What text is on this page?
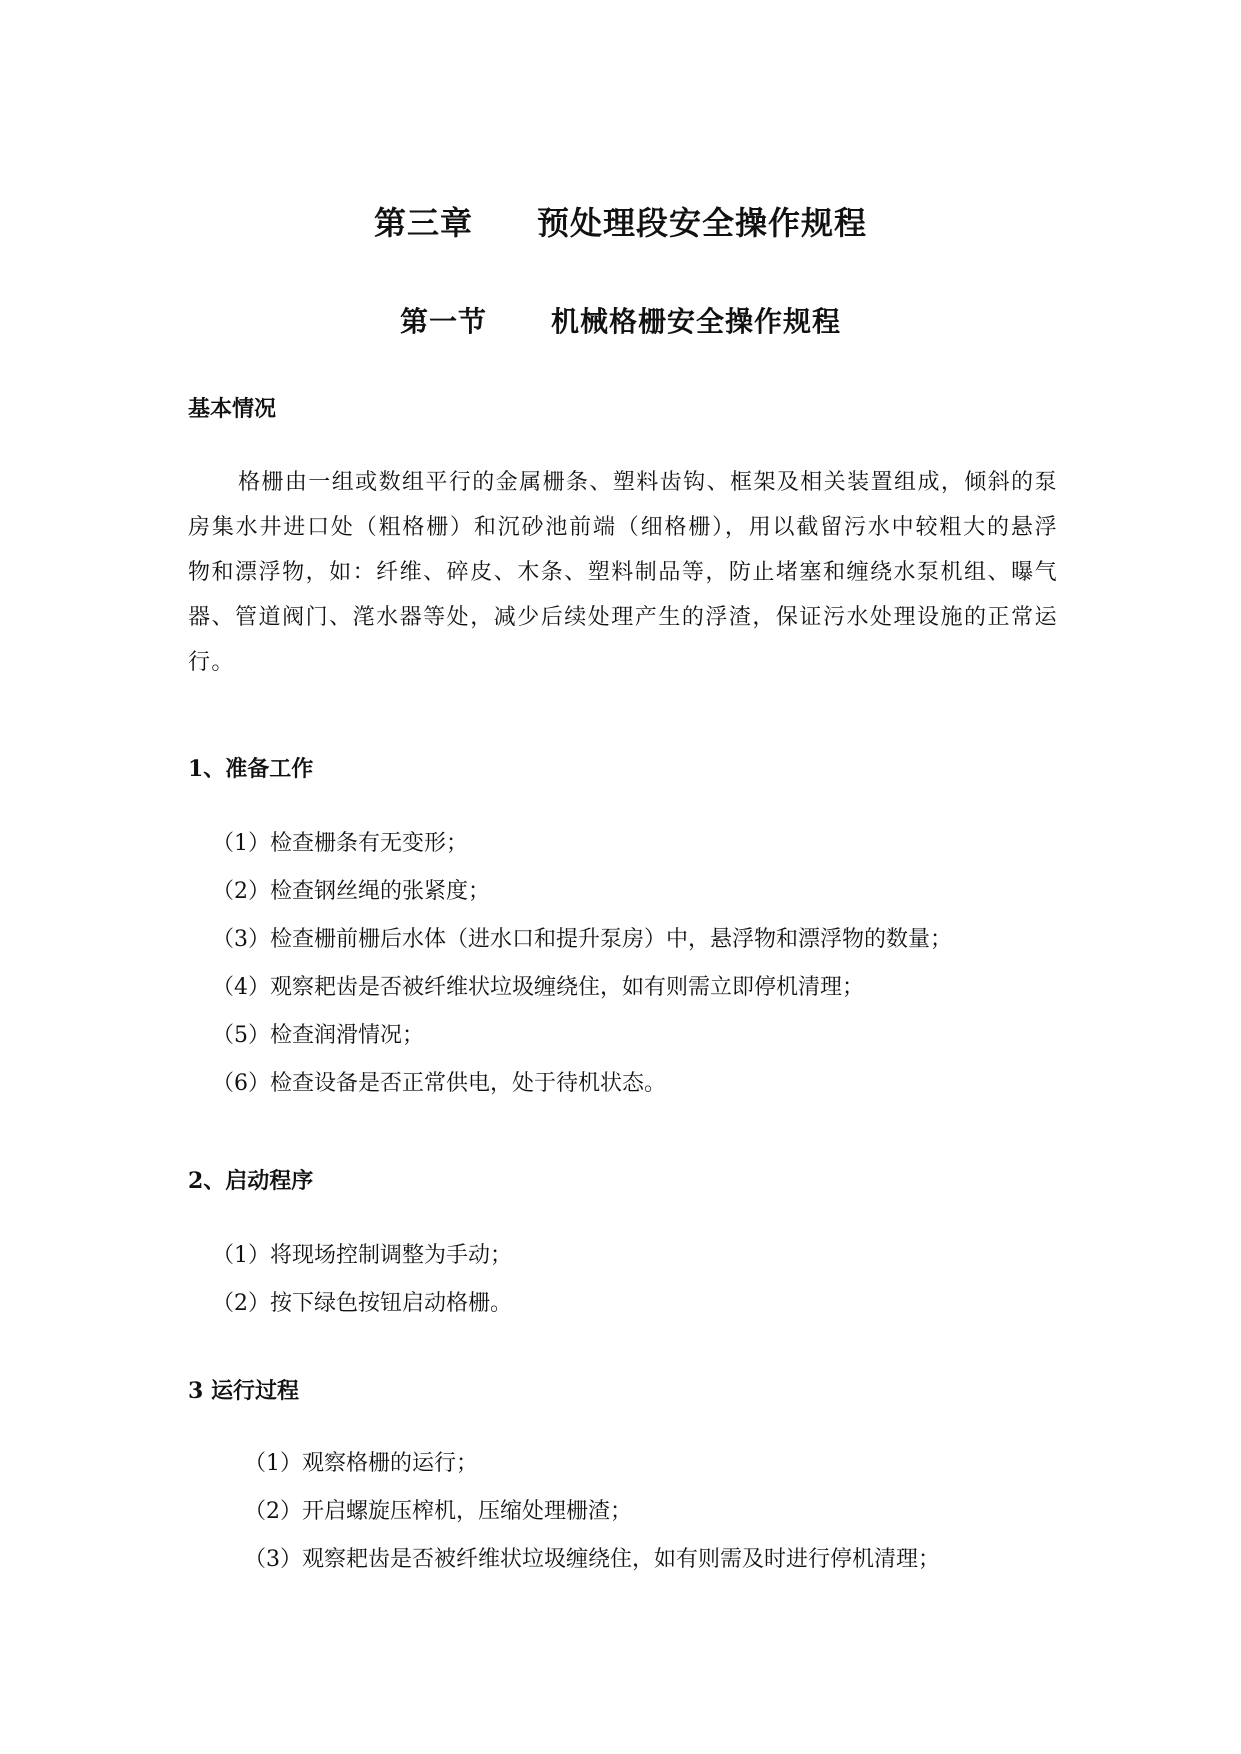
第三章 预处理段安全操作规程
第一节 机械格栅安全操作规程
基本情况
格栅由一组或数组平行的金属栅条、塑料齿钩、框架及相关装置组成，倾斜的泵房集水井进口处（粗格栅）和沉砂池前端（细格栅），用以截留污水中较粗大的悬浮物和漂浮物，如：纤维、碎皮、木条、塑料制品等，防止堵塞和缠绕水泵机组、曝气器、管道阀门、滗水器等处，减少后续处理产生的浮渣，保证污水处理设施的正常运行。
1、准备工作
（1）检查栅条有无变形；
（2）检查钢丝绳的张紧度；
（3）检查栅前栅后水体（进水口和提升泵房）中，悬浮物和漂浮物的数量；
（4）观察耙齿是否被纤维状垃圾缠绕住，如有则需立即停机清理；
（5）检查润滑情况；
（6）检查设备是否正常供电，处于待机状态。
2、启动程序
（1）将现场控制调整为手动；
（2）按下绿色按钮启动格栅。
3 运行过程
（1）观察格栅的运行；
（2）开启螺旋压榨机，压缩处理栅渣；
（3）观察耙齿是否被纤维状垃圾缠绕住，如有则需及时进行停机清理；
